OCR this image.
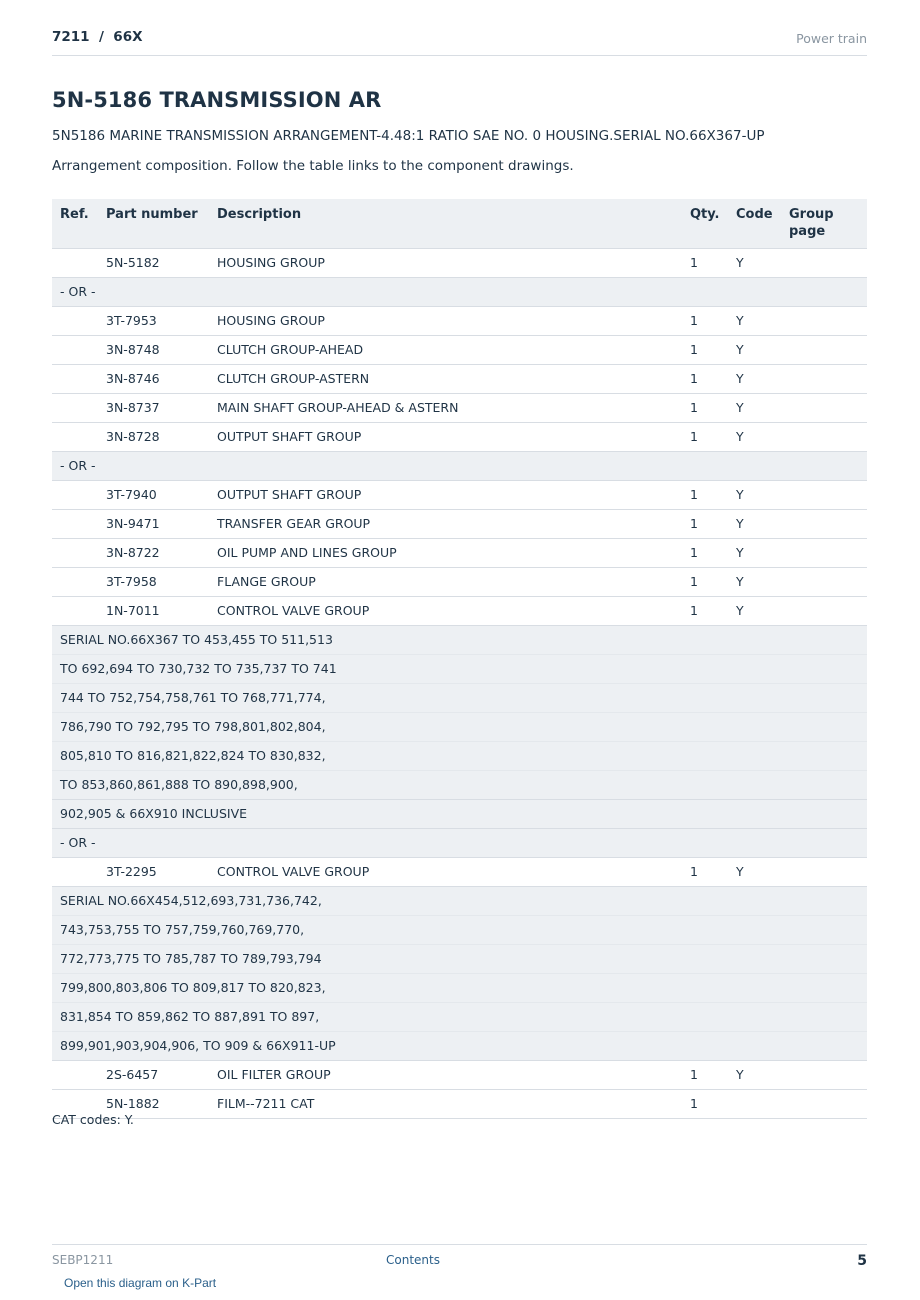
7211  /  66X	Power train
5N-5186 TRANSMISSION AR
5N5186 MARINE TRANSMISSION ARRANGEMENT-4.48:1 RATIO SAE NO. 0 HOUSING.SERIAL NO.66X367-UP
Arrangement composition. Follow the table links to the component drawings.
Ref.	Part number	Description	Qty.	Code	Group page
	5N-5182	HOUSING GROUP	1	Y	
- OR -					
	3T-7953	HOUSING GROUP	1	Y	
	3N-8748	CLUTCH GROUP-AHEAD	1	Y	
	3N-8746	CLUTCH GROUP-ASTERN	1	Y	
	3N-8737	MAIN SHAFT GROUP-AHEAD & ASTERN	1	Y	
	3N-8728	OUTPUT SHAFT GROUP	1	Y	
- OR -					
	3T-7940	OUTPUT SHAFT GROUP	1	Y	
	3N-9471	TRANSFER GEAR GROUP	1	Y	
	3N-8722	OIL PUMP AND LINES GROUP	1	Y	
	3T-7958	FLANGE GROUP	1	Y	
	1N-7011	CONTROL VALVE GROUP	1	Y	
SERIAL NO.66X367 TO 453,455 TO 511,513					
TO 692,694 TO 730,732 TO 735,737 TO 741					
744 TO 752,754,758,761 TO 768,771,774,					
786,790 TO 792,795 TO 798,801,802,804,					
805,810 TO 816,821,822,824 TO 830,832,					
TO 853,860,861,888 TO 890,898,900,					
902,905 & 66X910 INCLUSIVE					
- OR -					
	3T-2295	CONTROL VALVE GROUP	1	Y	
SERIAL NO.66X454,512,693,731,736,742,					
743,753,755 TO 757,759,760,769,770,					
772,773,775 TO 785,787 TO 789,793,794					
799,800,803,806 TO 809,817 TO 820,823,					
831,854 TO 859,862 TO 887,891 TO 897,					
899,901,903,904,906, TO 909 & 66X911-UP					
	2S-6457	OIL FILTER GROUP	1	Y	
	5N-1882	FILM--7211 CAT	1		
CAT codes: Y.
SEBP1211	Contents	5
Open this diagram on K-Part
